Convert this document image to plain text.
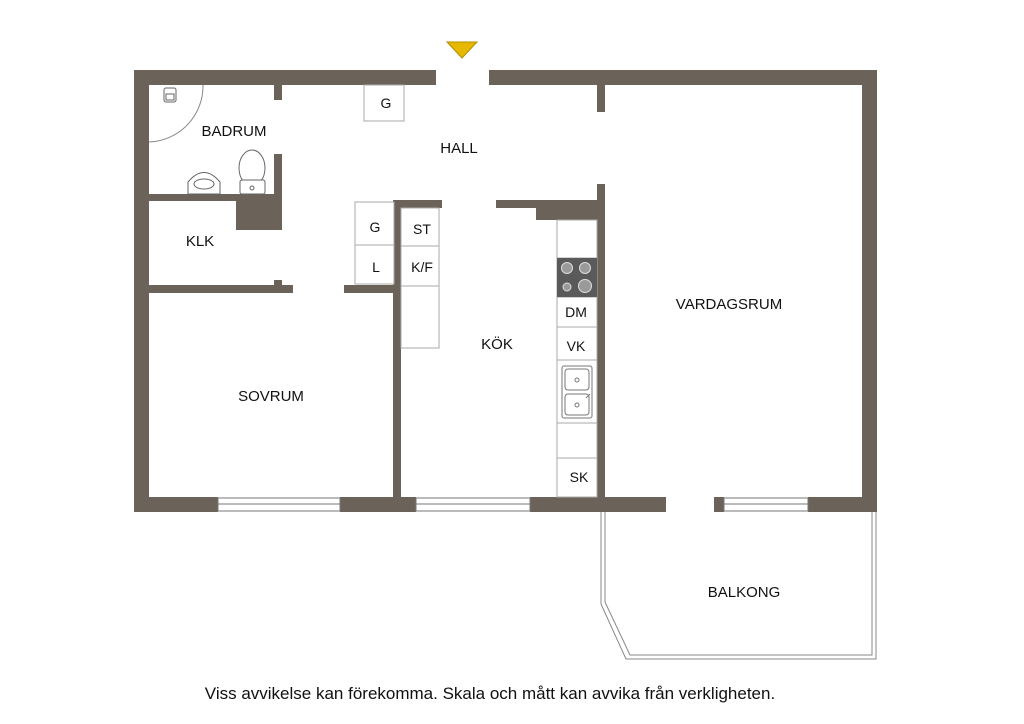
BADRUM
HALL
KLK
SOVRUM
KÖK
VARDAGSRUM
BALKONG
G
G
L
ST
K/F
DM
VK
SK
Viss avvikelse kan förekomma. Skala och mått kan avvika från verkligheten.
